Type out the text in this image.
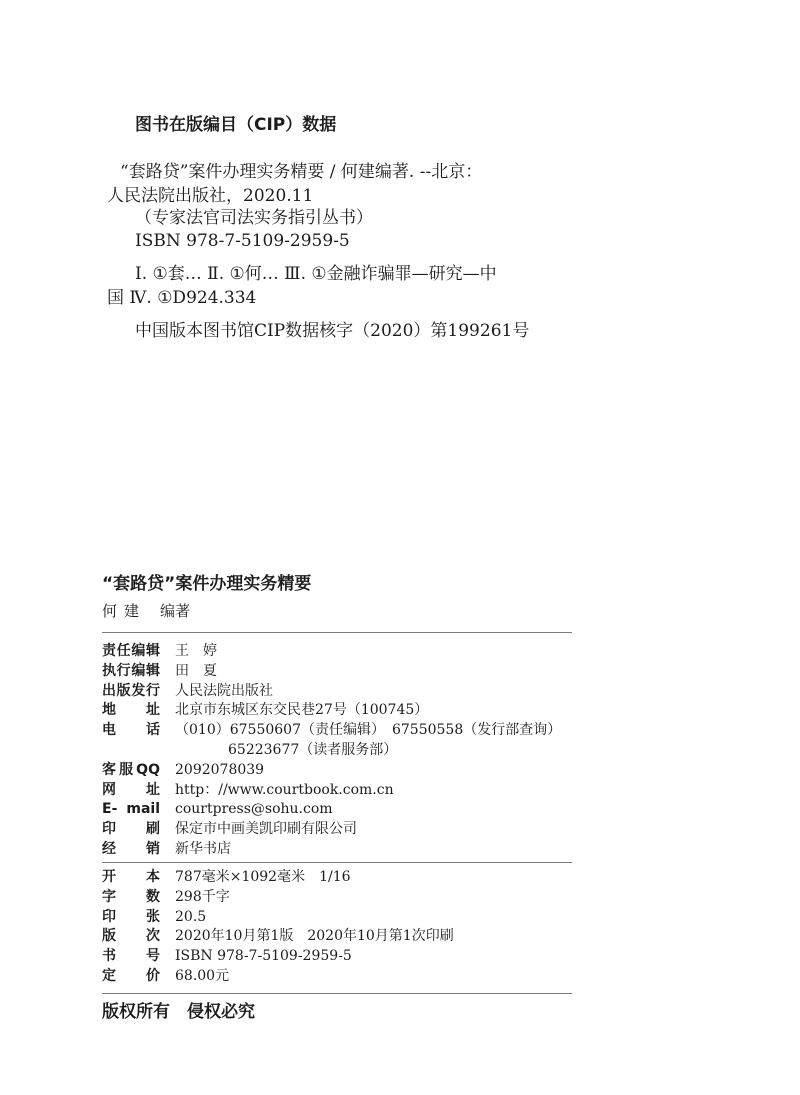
图书在版编目（CIP）数据
“套路贷”案件办理实务精要 / 何建编著. --北京：
人民法院出版社，2020.11
（专家法官司法实务指引丛书）
ISBN 978-7-5109-2959-5
Ⅰ. ①套… Ⅱ. ①何… Ⅲ. ①金融诈骗罪—研究—中
国 Ⅳ. ①D924.334
中国版本图书馆CIP数据核字（2020）第199261号
“套路贷”案件办理实务精要
何建 编著
责任编辑 王　婷
执行编辑 田　夏
出版发行 人民法院出版社
地　　址 北京市东城区东交民巷27号（100745）
电　　话 （010）67550607（责任编辑）　67550558（发行部查询）
65223677（读者服务部）
客服QQ 2092078039
网　　址 http：//www.courtbook.com.cn
E- mail courtpress@sohu.com
印　　刷 保定市中画美凯印刷有限公司
经　　销 新华书店
开　　本 787毫米×1092毫米　1/16
字　　数 298千字
印　　张 20.5
版　　次 2020年10月第1版　2020年10月第1次印刷
书　　号 ISBN 978-7-5109-2959-5
定　　价 68.00元
版权所有　侵权必究
